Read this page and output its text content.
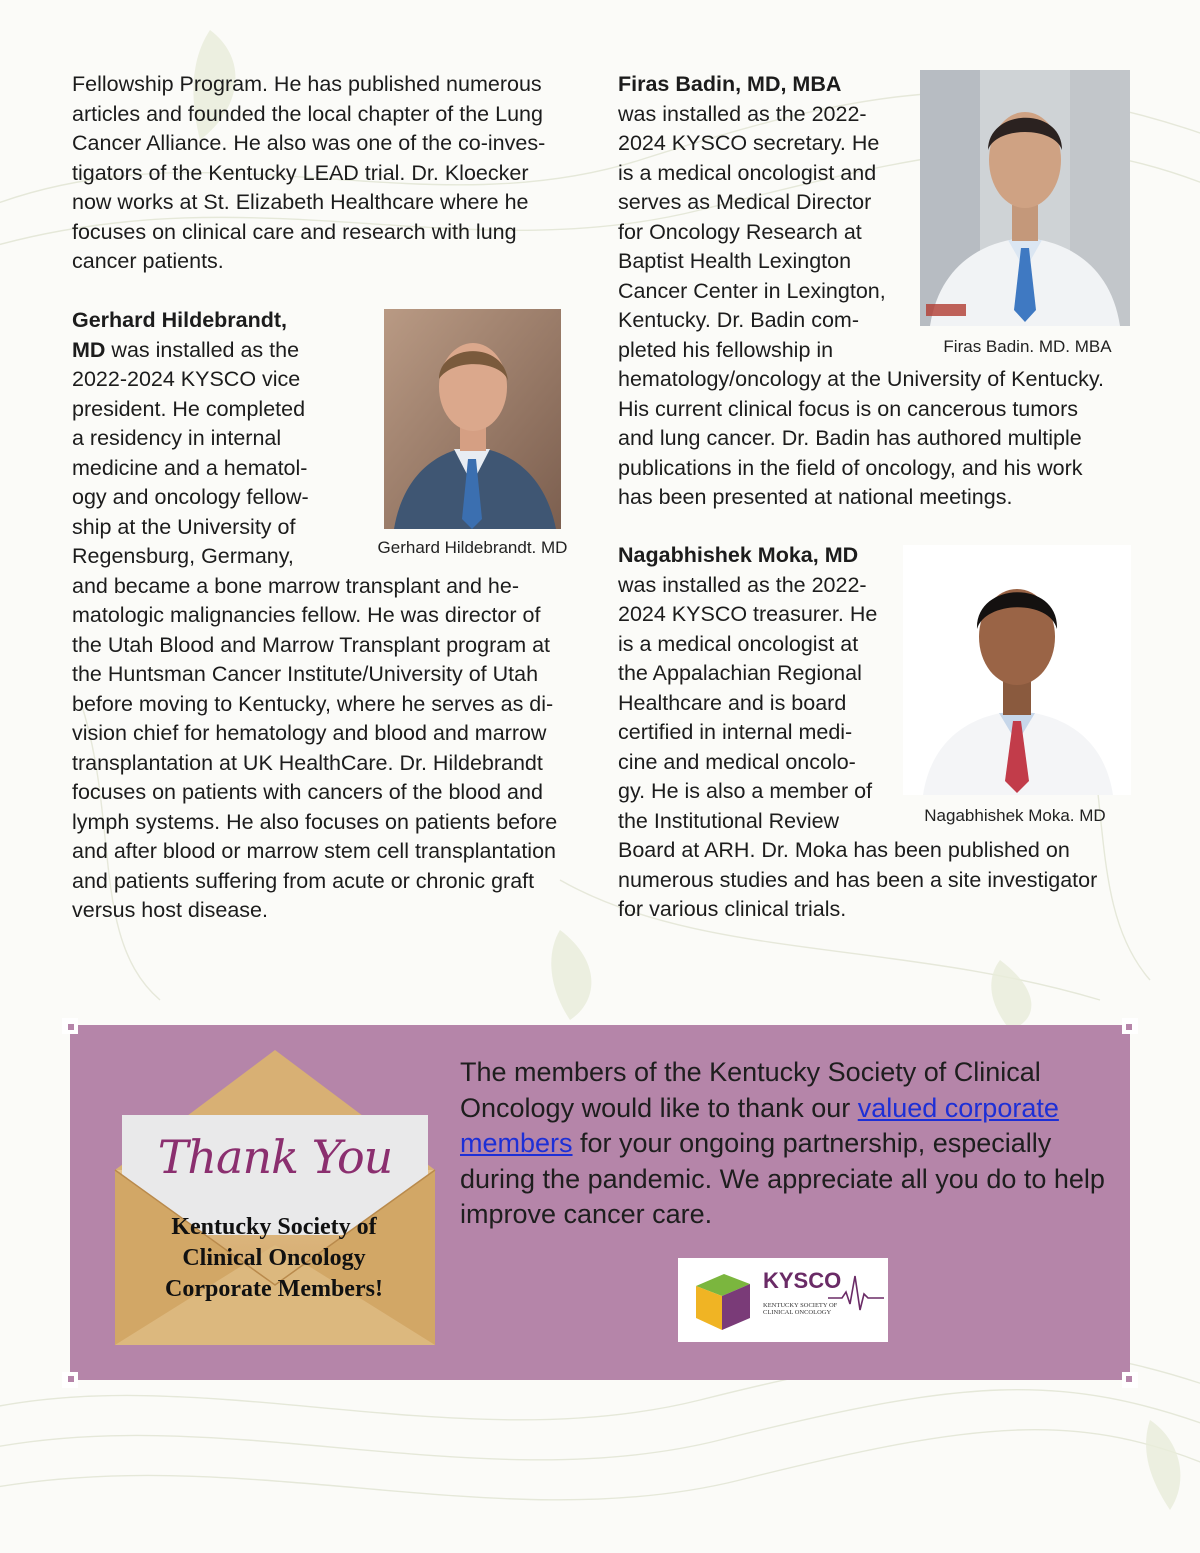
Fellowship Program. He has published numerous
articles and founded the local chapter of the Lung
Cancer Alliance. He also was one of the co-inves-
tigators of the Kentucky LEAD trial. Dr. Kloecker
now works at St. Elizabeth Healthcare where he
focuses on clinical care and research with lung
cancer patients.
Gerhard Hildebrandt,
MD was installed as the
2022-2024 KYSCO vice
president. He completed
a residency in internal
medicine and a hematol-
ogy and oncology fellow-
ship at the University of
Regensburg, Germany,
and became a bone marrow transplant and he-
matologic malignancies fellow. He was director of
the Utah Blood and Marrow Transplant program at
the Huntsman Cancer Institute/University of Utah
before moving to Kentucky, where he serves as di-
vision chief for hematology and blood and marrow
transplantation at UK HealthCare. Dr. Hildebrandt
focuses on patients with cancers of the blood and
lymph systems. He also focuses on patients before
and after blood or marrow stem cell transplantation
and patients suffering from acute or chronic graft
versus host disease.
Gerhard Hildebrandt. MD
Firas Badin, MD, MBA
was installed as the 2022-
2024 KYSCO secretary. He
is a medical oncologist and
serves as Medical Director
for Oncology Research at
Baptist Health Lexington
Cancer Center in Lexington,
Kentucky. Dr. Badin com-
pleted his fellowship in
hematology/oncology at the University of Kentucky.
His current clinical focus is on cancerous tumors
and lung cancer. Dr. Badin has authored multiple
publications in the field of oncology, and his work
has been presented at national meetings.
Firas Badin. MD. MBA
Nagabhishek Moka, MD
was installed as the 2022-
2024 KYSCO treasurer. He
is a medical oncologist at
the Appalachian Regional
Healthcare and is board
certified in internal medi-
cine and medical oncolo-
gy. He is also a member of
the Institutional Review
Board at ARH. Dr. Moka has been published on
numerous studies and has been a site investigator
for various clinical trials.
Nagabhishek Moka. MD
Thank You
Kentucky Society of
Clinical Oncology
Corporate Members!
The members of the Kentucky Society of Clinical Oncology would like to thank our valued corporate members for your ongoing partnership, especially during the pandemic. We appreciate all you do to help improve cancer care.
KYSCO
KENTUCKY SOCIETY OF
CLINICAL ONCOLOGY
